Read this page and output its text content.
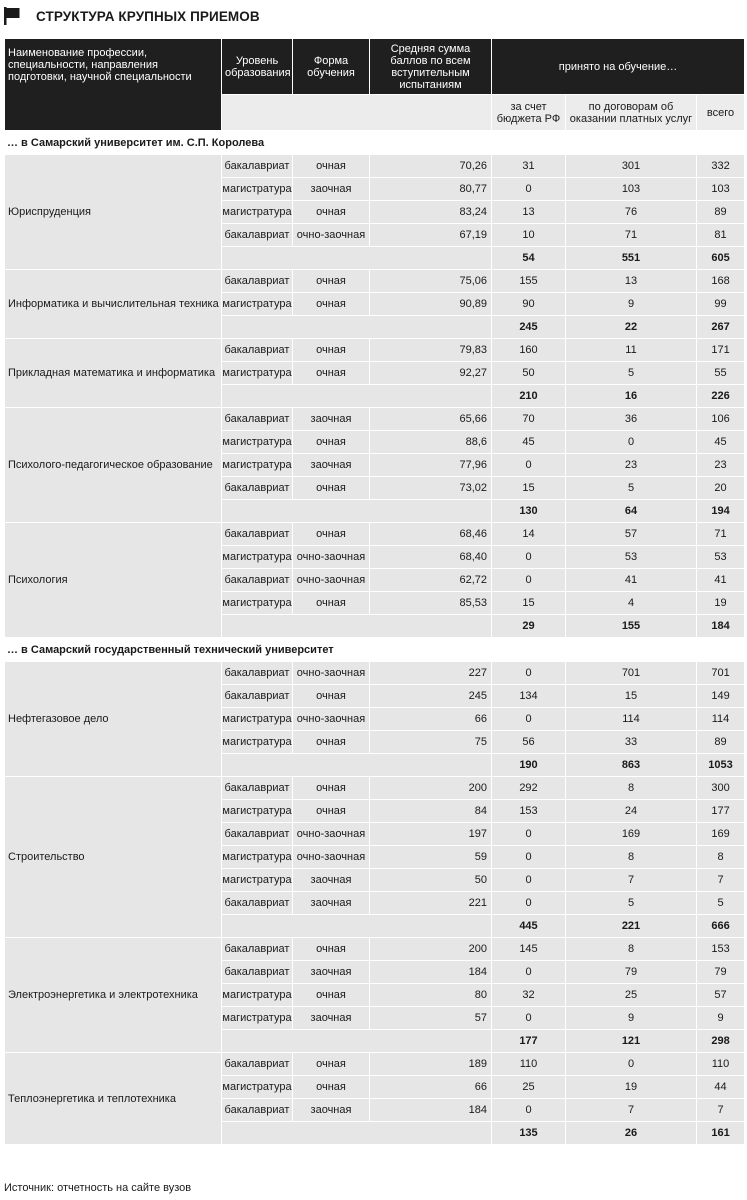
СТРУКТУРА КРУПНЫХ ПРИЕМОВ
Наименование профессии, специальности, направления подготовки, научной специальности	Уровень образования	Форма обучения	Средняя сумма баллов по всем вступительным испытаниям	принято на обучение…		
				за счет бюджета РФ	по договорам об оказании платных услуг	всего
… в Самарский университет им. С.П. Королева						
Юриспруденция	бакалавриат	очная	70,26	31	301	332
	магистратура	заочная	80,77	0	103	103
	магистратура	очная	83,24	13	76	89
	бакалавриат	очно-заочная	67,19	10	71	81
				54	551	605
Информатика и вычислительная техника	бакалавриат	очная	75,06	155	13	168
	магистратура	очная	90,89	90	9	99
				245	22	267
Прикладная математика и информатика	бакалавриат	очная	79,83	160	11	171
	магистратура	очная	92,27	50	5	55
				210	16	226
Психолого-педагогическое образование	бакалавриат	заочная	65,66	70	36	106
	магистратура	очная	88,6	45	0	45
	магистратура	заочная	77,96	0	23	23
	бакалавриат	очная	73,02	15	5	20
				130	64	194
Психология	бакалавриат	очная	68,46	14	57	71
	магистратура	очно-заочная	68,40	0	53	53
	бакалавриат	очно-заочная	62,72	0	41	41
	магистратура	очная	85,53	15	4	19
				29	155	184
… в Самарский государственный технический университет						
Нефтегазовое дело	бакалавриат	очно-заочная	227	0	701	701
	бакалавриат	очная	245	134	15	149
	магистратура	очно-заочная	66	0	114	114
	магистратура	очная	75	56	33	89
				190	863	1053
Строительство	бакалавриат	очная	200	292	8	300
	магистратура	очная	84	153	24	177
	бакалавриат	очно-заочная	197	0	169	169
	магистратура	очно-заочная	59	0	8	8
	магистратура	заочная	50	0	7	7
	бакалавриат	заочная	221	0	5	5
				445	221	666
Электроэнергетика и электротехника	бакалавриат	очная	200	145	8	153
	бакалавриат	заочная	184	0	79	79
	магистратура	очная	80	32	25	57
	магистратура	заочная	57	0	9	9
				177	121	298
Теплоэнергетика и теплотехника	бакалавриат	очная	189	110	0	110
	магистратура	очная	66	25	19	44
	бакалавриат	заочная	184	0	7	7
				135	26	161
Источник: отчетность на сайте вузов
